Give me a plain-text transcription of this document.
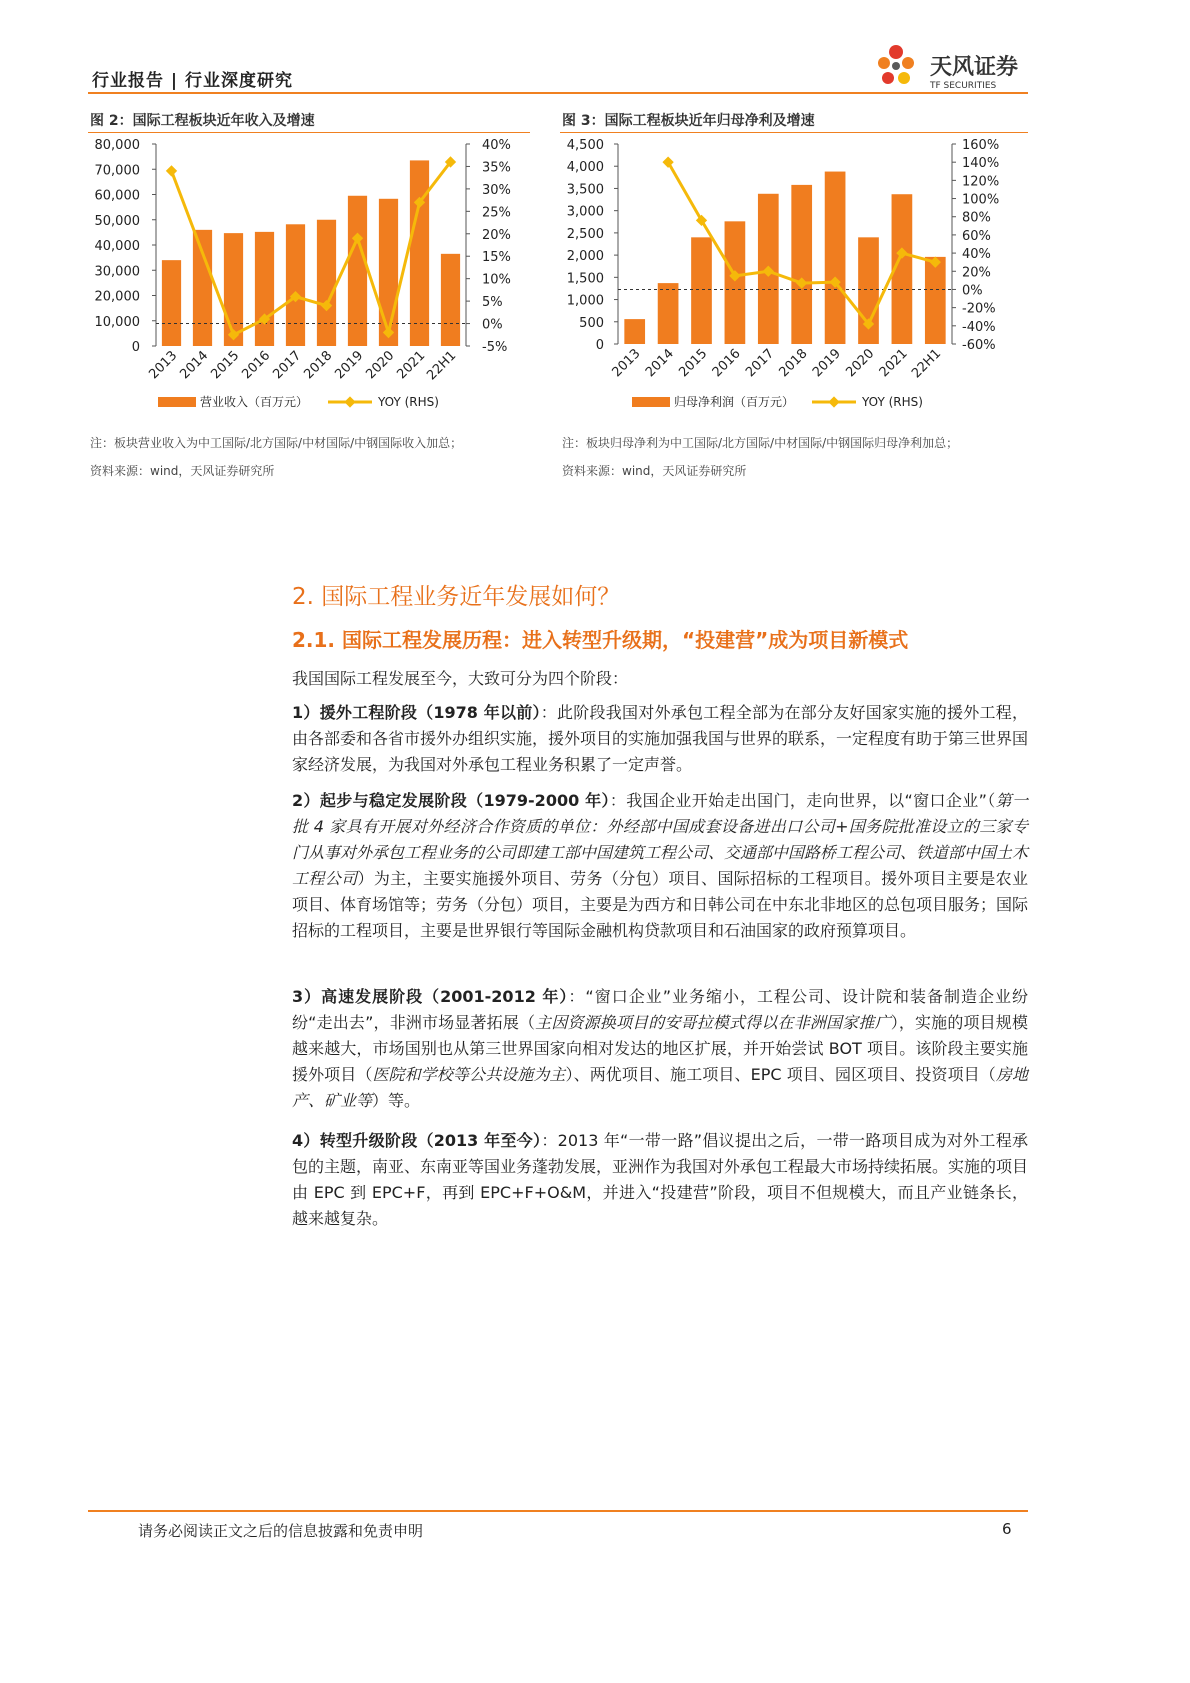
行业报告 | 行业深度研究
天风证券
TF SECURITIES
图 2：国际工程板块近年收入及增速
0
10,000
20,000
30,000
40,000
50,000
60,000
70,000
80,000
-5%
0%
5%
10%
15%
20%
25%
30%
35%
40%
2013
2014
2015
2016
2017
2018
2019
2020
2021
22H1
营业收入（百万元）	YOY (RHS)
注：板块营业收入为中工国际/北方国际/中材国际/中钢国际收入加总；
资料来源：wind，天风证券研究所
图 3：国际工程板块近年归母净利及增速
0
500
1,000
1,500
2,000
2,500
3,000
3,500
4,000
4,500
-60%
-40%
-20%
0%
20%
40%
60%
80%
100%
120%
140%
160%
2013 2014 2015 2016 2017 2018 2019 2020 2021
22H1
归母净利润（百万元）	YOY (RHS)
注：板块归母净利为中工国际/北方国际/中材国际/中钢国际归母净利加总；
资料来源：wind，天风证券研究所
2. 国际工程业务近年发展如何？
2.1. 国际工程发展历程：进入转型升级期，“投建营”成为项目新模式
我国国际工程发展至今，大致可分为四个阶段：
1）援外工程阶段（1978 年以前）：此阶段我国对外承包工程全部为在部分友好国家实施的援外工程，由各部委和各省市援外办组织实施，援外项目的实施加强我国与世界的联系，一定程度有助于第三世界国家经济发展，为我国对外承包工程业务积累了一定声誉。
2）起步与稳定发展阶段（1979-2000 年）：我国企业开始走出国门，走向世界，以“窗口企业”（第一批 4 家具有开展对外经济合作资质的单位：外经部中国成套设备进出口公司+国务院批准设立的三家专门从事对外承包工程业务的公司即建工部中国建筑工程公司、交通部中国路桥工程公司、铁道部中国土木工程公司）为主，主要实施援外项目、劳务（分包）项目、国际招标的工程项目。援外项目主要是农业项目、体育场馆等；劳务（分包）项目，主要是为西方和日韩公司在中东北非地区的总包项目服务；国际招标的工程项目，主要是世界银行等国际金融机构贷款项目和石油国家的政府预算项目。
3）高速发展阶段（2001-2012 年）：“窗口企业”业务缩小，工程公司、设计院和装备制造企业纷纷“走出去”，非洲市场显著拓展（主因资源换项目的安哥拉模式得以在非洲国家推广），实施的项目规模越来越大，市场国别也从第三世界国家向相对发达的地区扩展，并开始尝试 BOT 项目。该阶段主要实施援外项目（医院和学校等公共设施为主）、两优项目、施工项目、EPC 项目、园区项目、投资项目（房地产、矿业等）等。
4）转型升级阶段（2013 年至今）：2013 年“一带一路”倡议提出之后，一带一路项目成为对外工程承包的主题，南亚、东南亚等国业务蓬勃发展，亚洲作为我国对外承包工程最大市场持续拓展。实施的项目由 EPC 到 EPC+F，再到 EPC+F+O&M，并进入“投建营”阶段，项目不但规模大，而且产业链条长，越来越复杂。
请务必阅读正文之后的信息披露和免责申明	6
